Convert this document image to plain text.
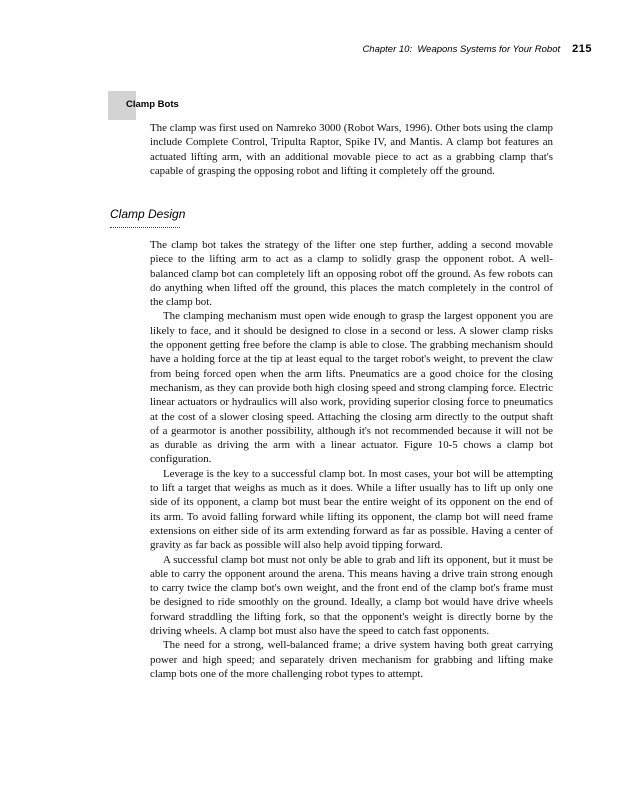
Chapter 10:
Weapons Systems for Your Robot 215
Clamp Bots

The clamp was first used on Namreko 3000 (Robot Wars, 1996). Other bots using the clamp include Complete Control, Tripulta Raptor, Spike IV, and Mantis. A clamp bot features an actuated lifting arm, with an additional movable piece to act as a grabbing clamp that's capable of grasping the opposing robot and lifting it completely off the ground.

Clamp Design

The clamp bot takes the strategy of the lifter one step further, adding a second movable piece to the lifting arm to act as a clamp to solidly grasp the opponent robot. A well-balanced clamp bot can completely lift an opposing robot off the ground. As few robots can do anything when lifted off the ground, this places the match completely in the control of the clamp bot.

The clamping mechanism must open wide enough to grasp the largest opponent you are likely to face, and it should be designed to close in a second or less. A slower clamp risks the opponent getting free before the clamp is able to close. The grabbing mechanism should have a holding force at the tip at least equal to the target robot's weight, to prevent the claw from being forced open when the arm lifts. Pneumatics are a good choice for the closing mechanism, as they can provide both high closing speed and strong clamping force. Electric linear actuators or hydraulics will also work, providing superior closing force to pneumatics at the cost of a slower closing speed. Attaching the closing arm directly to the output shaft of a gearmotor is another possibility, although it's not recommended because it will not be as durable as driving the arm with a linear actuator. Figure 10-5 chows a clamp bot configuration.

Leverage is the key to a successful clamp bot. In most cases, your bot will be attempting to lift a target that weighs as much as it does. While a lifter usually has to lift up only one side of its opponent, a clamp bot must bear the entire weight of its opponent on the end of its arm. To avoid falling forward while lifting its opponent, the clamp bot will need frame extensions on either side of its arm extending forward as far as possible. Having a center of gravity as far back as possible will also help avoid tipping forward.

A successful clamp bot must not only be able to grab and lift its opponent, but it must be able to carry the opponent around the arena. This means having a drive train strong enough to carry twice the clamp bot's own weight, and the front end of the clamp bot's frame must be designed to ride smoothly on the ground. Ideally, a clamp bot would have drive wheels forward straddling the lifting fork, so that the opponent's weight is directly borne by the driving wheels. A clamp bot must also have the speed to catch fast opponents.

The need for a strong, well-balanced frame; a drive system having both great carrying power and high speed; and separately driven mechanism for grabbing and lifting make clamp bots one of the more challenging robot types to attempt.
